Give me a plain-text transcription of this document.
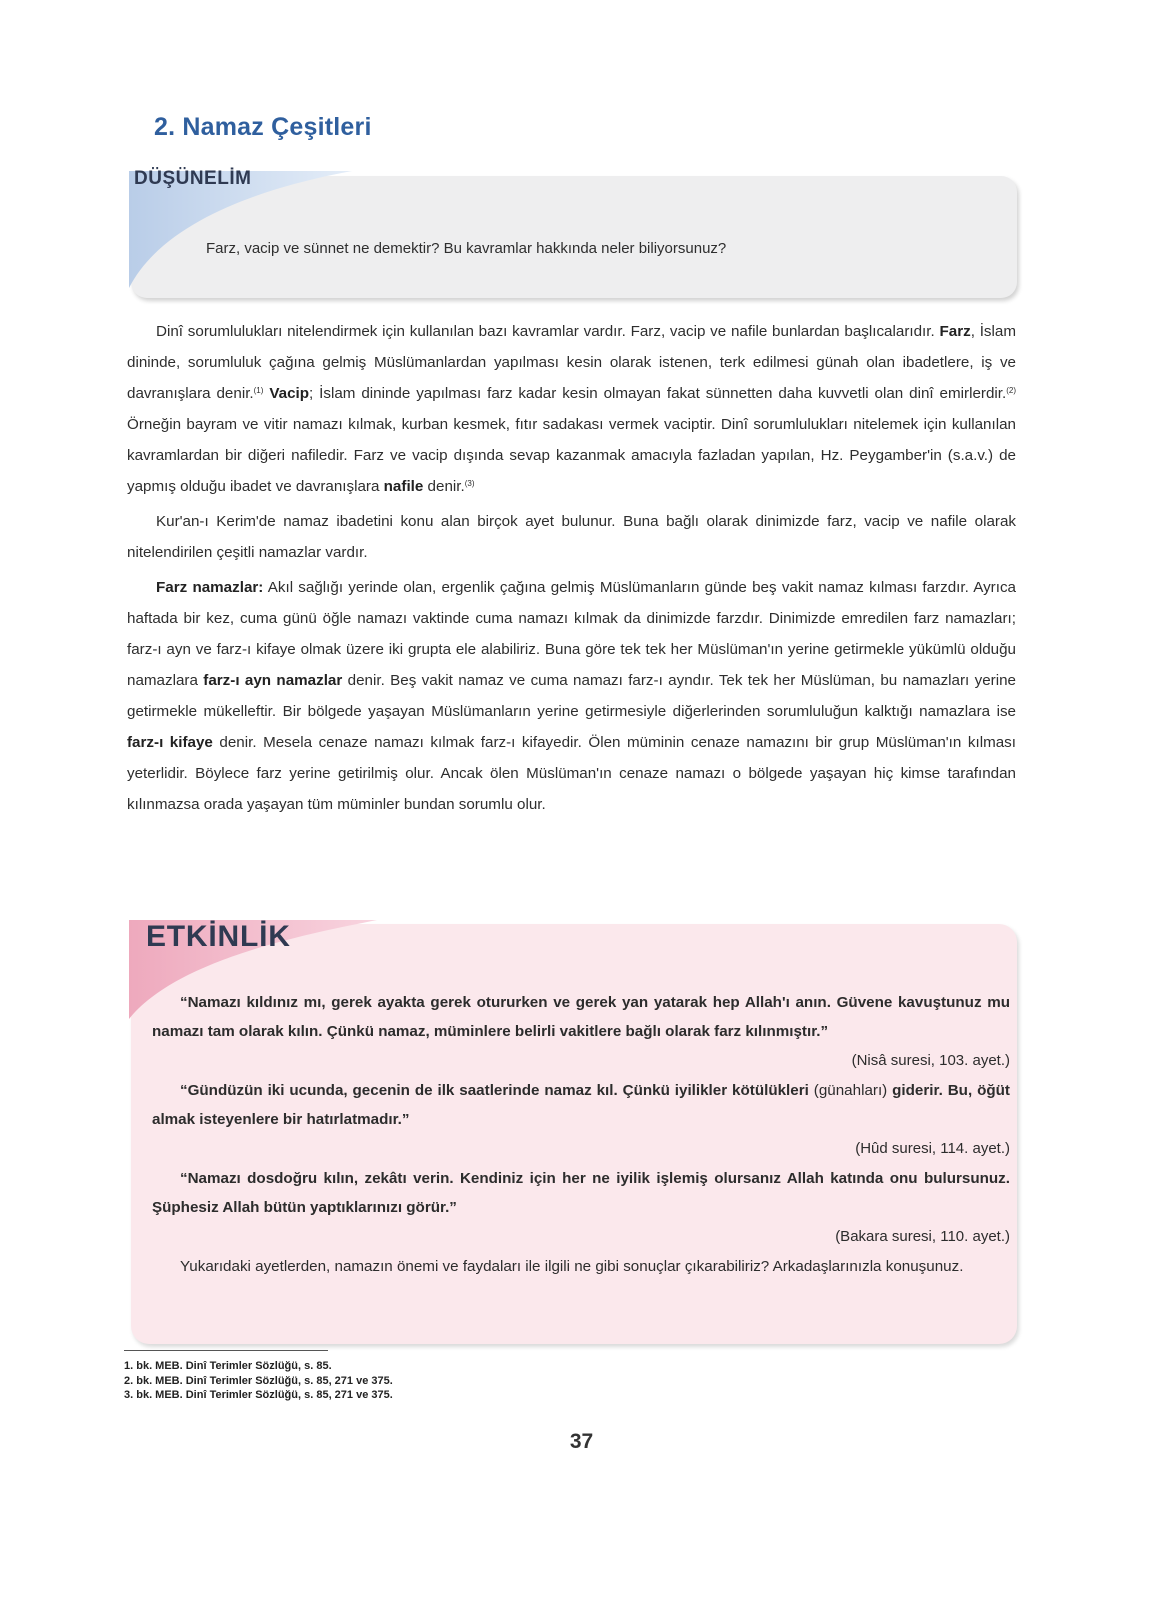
2. Namaz Çeşitleri
DÜŞÜNELİM
Farz, vacip ve sünnet ne demektir? Bu kavramlar hakkında neler biliyorsunuz?

Dinî sorumlulukları nitelendirmek için kullanılan bazı kavramlar vardır. Farz, vacip ve nafile bunlardan başlıcalarıdır. Farz, İslam dininde, sorumluluk çağına gelmiş Müslümanlardan yapılması kesin olarak istenen, terk edilmesi günah olan ibadetlere, iş ve davranışlara denir.$^{(1)}$ Vacip; İslam dininde yapılması farz kadar kesin olmayan fakat sünnetten daha kuvvetli olan dinî emirlerdir.$^{(2)}$ Örneğin bayram ve vitir namazı kılmak, kurban kesmek, fıtır sadakası vermek vaciptir. Dinî sorumlulukları nitelemek için kullanılan kavramlardan bir diğeri nafiledir. Farz ve vacip dışında sevap kazanmak amacıyla fazladan yapılan, Hz. Peygamber'in (s.a.v.) de yapmış olduğu ibadet ve davranışlara nafile denir.$^{(3)}$

Kur'an-ı Kerim'de namaz ibadetini konu alan birçok ayet bulunur. Buna bağlı olarak dinimizde farz, vacip ve nafile olarak nitelendirilen çeşitli namazlar vardır.

Farz namazlar: Akıl sağlığı yerinde olan, ergenlik çağına gelmiş Müslümanların günde beş vakit namaz kılması farzdır. Ayrıca haftada bir kez, cuma günü öğle namazı vaktinde cuma namazı kılmak da dinimizde farzdır. Dinimizde emredilen farz namazları; farz-ı ayn ve farz-ı kifaye olmak üzere iki grupta ele alabiliriz. Buna göre tek tek her Müslüman'ın yerine getirmekle yükümlü olduğu namazlara farz-ı ayn namazlar denir. Beş vakit namaz ve cuma namazı farz-ı ayndır. Tek tek her Müslüman, bu namazları yerine getirmekle mükelleftir. Bir bölgede yaşayan Müslümanların yerine getirmesiyle diğerlerinden sorumluluğun kalktığı namazlara ise farz-ı kifaye denir. Mesela cenaze namazı kılmak farz-ı kifayedir. Ölen müminin cenaze namazını bir grup Müslüman'ın kılması yeterlidir. Böylece farz yerine getirilmiş olur. Ancak ölen Müslüman'ın cenaze namazı o bölgede yaşayan hiç kimse tarafından kılınmazsa orada yaşayan tüm müminler bundan sorumlu olur.

ETKİNLİK

“Namazı kıldınız mı, gerek ayakta gerek otururken ve gerek yan yatarak hep Allah'ı anın. Güvene kavuştunuz mu namazı tam olarak kılın. Çünkü namaz, müminlere belirli vakitlere bağlı olarak farz kılınmıştır.”

(Nisâ suresi, 103. ayet.)

“Gündüzün iki ucunda, gecenin de ilk saatlerinde namaz kıl. Çünkü iyilikler kötülükleri (günahları) giderir. Bu, öğüt almak isteyenlere bir hatırlatmadır.”

(Hûd suresi, 114. ayet.)

“Namazı dosdoğru kılın, zekâtı verin. Kendiniz için her ne iyilik işlemiş olursanız Allah katında onu bulursunuz. Şüphesiz Allah bütün yaptıklarınızı görür.”

(Bakara suresi, 110. ayet.)

Yukarıdaki ayetlerden, namazın önemi ve faydaları ile ilgili ne gibi sonuçlar çıkarabiliriz? Arkadaşlarınızla konuşunuz.

1. bk. MEB. Dinî Terimler Sözlüğü, s. 85.
2. bk. MEB. Dinî Terimler Sözlüğü, s. 85, 271 ve 375.
3. bk. MEB. Dinî Terimler Sözlüğü, s. 85, 271 ve 375.
37
